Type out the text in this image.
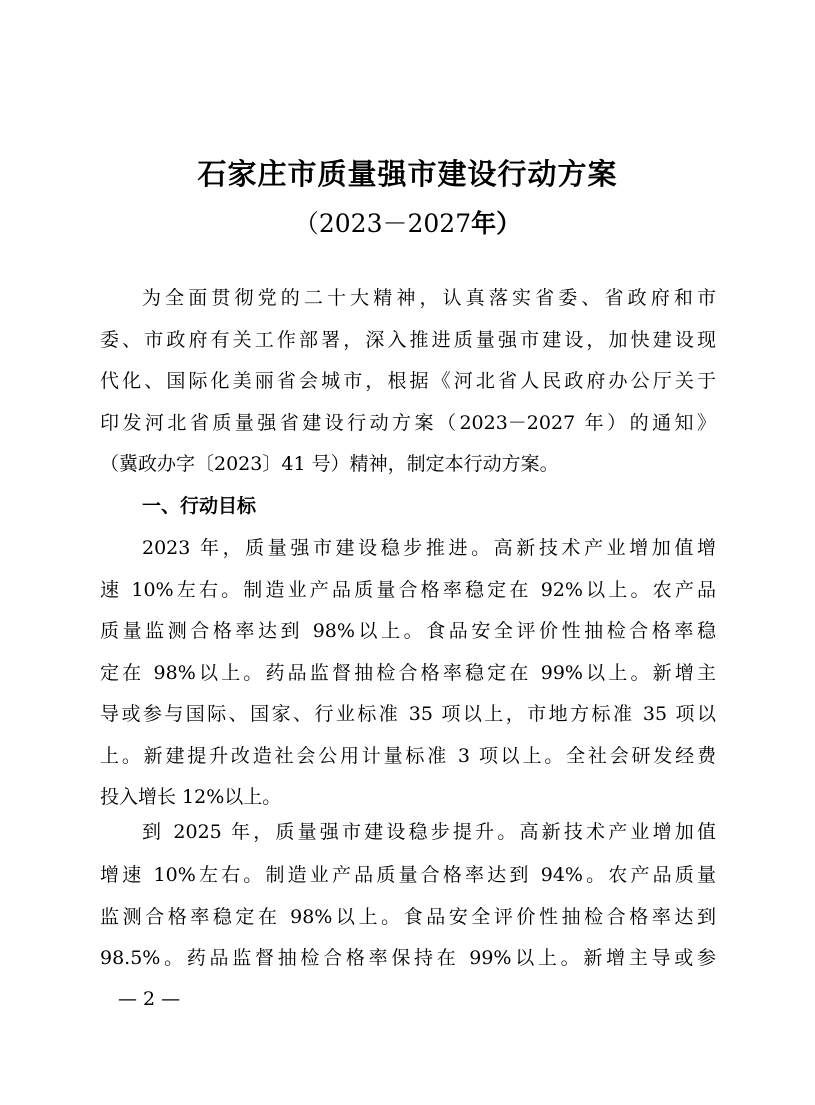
石家庄市质量强市建设行动方案
（2023－2027年）
为全面贯彻党的二十大精神，认真落实省委、省政府和市
委、市政府有关工作部署，深入推进质量强市建设，加快建设现
代化、国际化美丽省会城市，根据《河北省人民政府办公厅关于
印发河北省质量强省建设行动方案（2023－2027 年）的通知》
（冀政办字〔2023〕41 号）精神，制定本行动方案。
一、行动目标
2023 年，质量强市建设稳步推进。高新技术产业增加值增
速 10%左右。制造业产品质量合格率稳定在 92%以上。农产品
质量监测合格率达到 98%以上。食品安全评价性抽检合格率稳
定在 98%以上。药品监督抽检合格率稳定在 99%以上。新增主
导或参与国际、国家、行业标准 35 项以上，市地方标准 35 项以
上。新建提升改造社会公用计量标准 3 项以上。全社会研发经费
投入增长 12%以上。
到 2025 年，质量强市建设稳步提升。高新技术产业增加值
增速 10%左右。制造业产品质量合格率达到 94%。农产品质量
监测合格率稳定在 98%以上。食品安全评价性抽检合格率达到
98.5%。药品监督抽检合格率保持在 99%以上。新增主导或参
— 2 —
